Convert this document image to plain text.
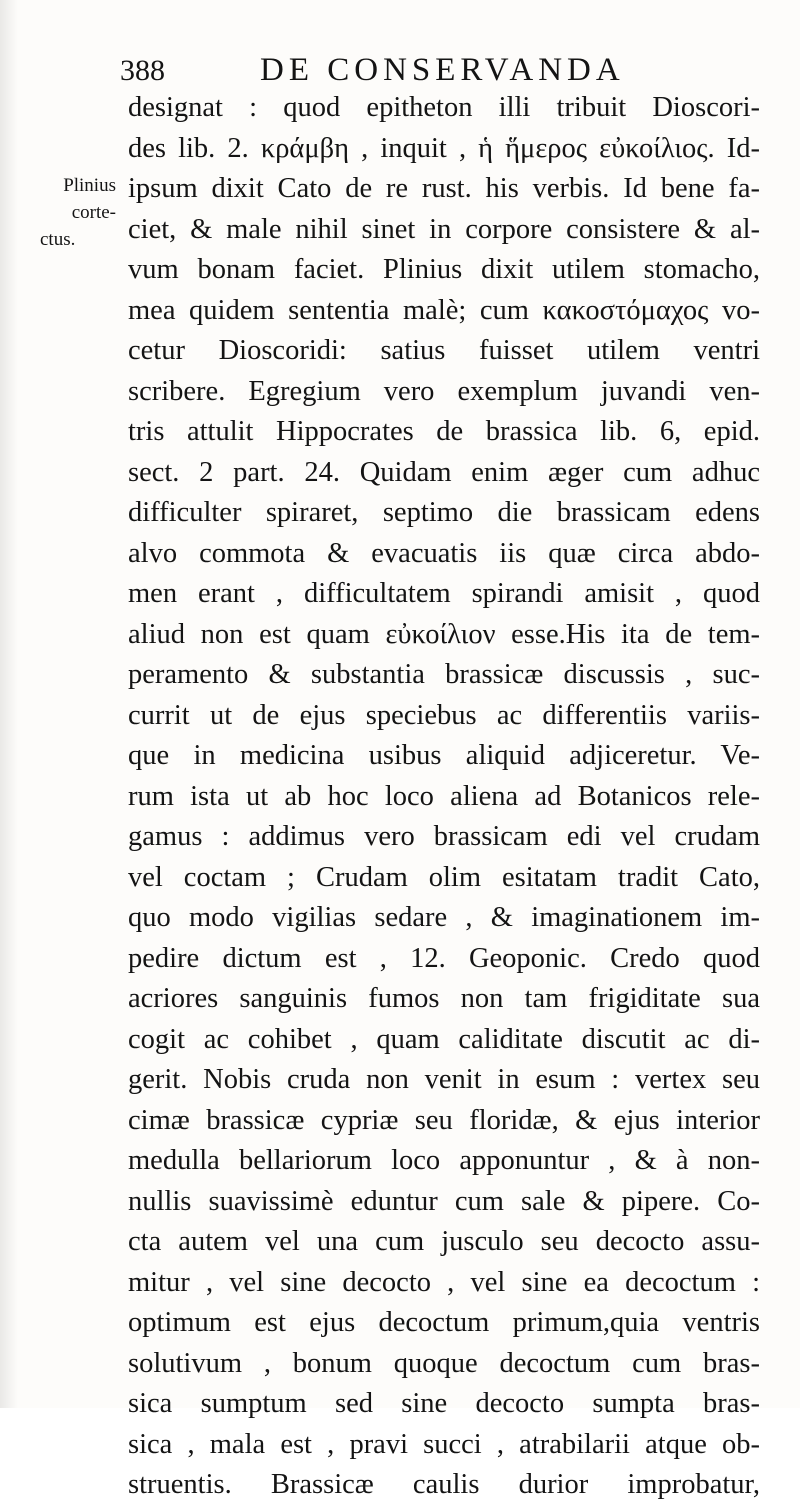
388	DE CONSERVANDA
Plinius
corte-
ctus.
designat : quod epitheton illi tribuit Dioscori-
des lib. 2. κράμβη , inquit , ἡ ἥμερος εὐκοίλιος. Id-
ipsum dixit Cato de re rust. his verbis. Id bene fa-
ciet, & male nihil sinet in corpore consistere & al-
vum bonam faciet. Plinius dixit utilem stomacho,
mea quidem sententia malè; cum κακοστόμαχος vo-
cetur Dioscoridi: satius fuisset utilem ventri
scribere. Egregium vero exemplum juvandi ven-
tris attulit Hippocrates de brassica lib. 6, epid.
sect. 2 part. 24. Quidam enim æger cum adhuc
difficulter spiraret, septimo die brassicam edens
alvo commota & evacuatis iis quæ circa abdo-
men erant , difficultatem spirandi amisit , quod
aliud non est quam εὐκοίλιον esse.His ita de tem-
peramento & substantia brassicæ discussis , suc-
currit ut de ejus speciebus ac differentiis variis-
que in medicina usibus aliquid adjiceretur. Ve-
rum ista ut ab hoc loco aliena ad Botanicos rele-
gamus : addimus vero brassicam edi vel crudam
vel coctam ; Crudam olim esitatam tradit Cato,
quo modo vigilias sedare , & imaginationem im-
pedire dictum est , 12. Geoponic. Credo quod
acriores sanguinis fumos non tam frigiditate sua
cogit ac cohibet , quam caliditate discutit ac di-
gerit. Nobis cruda non venit in esum : vertex seu
cimæ brassicæ cypriæ seu floridæ, & ejus interior
medulla bellariorum loco apponuntur , & à non-
nullis suavissimè eduntur cum sale & pipere. Co-
cta autem vel una cum jusculo seu decocto assu-
mitur , vel sine decocto , vel sine ea decoctum :
optimum est ejus decoctum primum,quia ventris
solutivum , bonum quoque decoctum cum bras-
sica sumptum sed sine decocto sumpta bras-
sica , mala est , pravi succi , atrabilarii atque ob-
struentis. Brassicæ caulis durior improbatur,
